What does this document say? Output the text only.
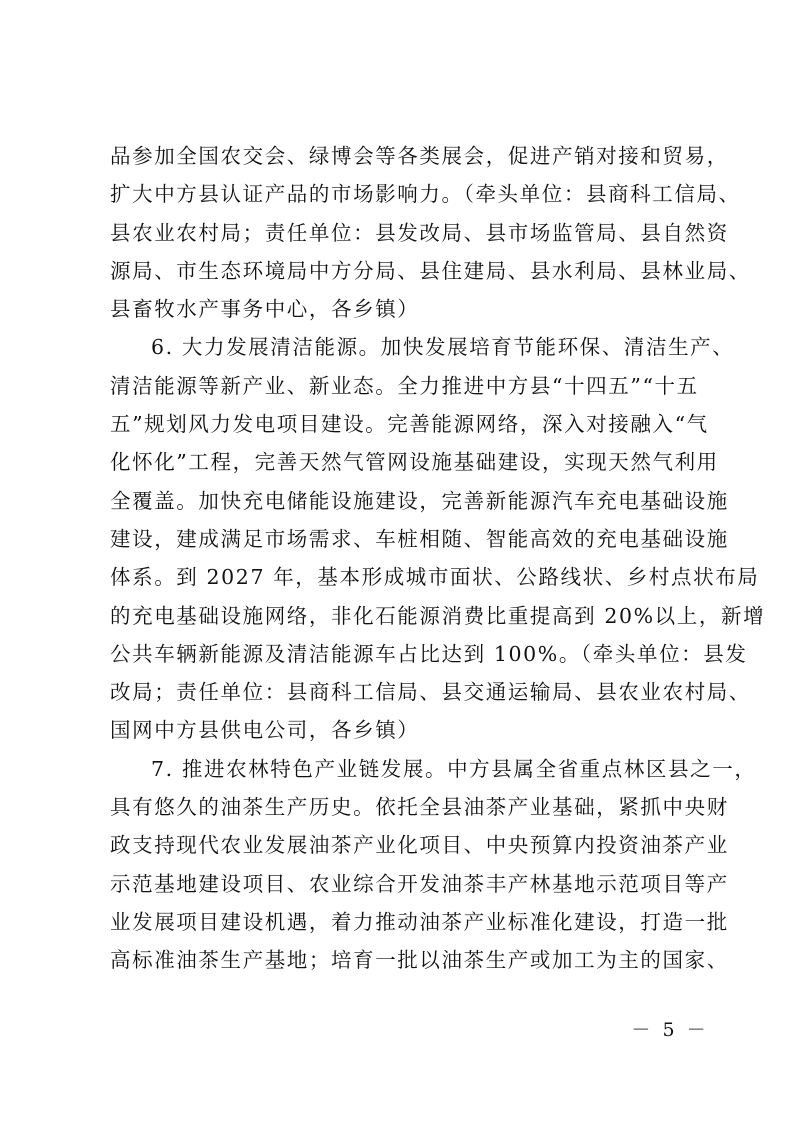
品参加全国农交会、绿博会等各类展会，促进产销对接和贸易，
扩大中方县认证产品的市场影响力。（牵头单位：县商科工信局、
县农业农村局；责任单位：县发改局、县市场监管局、县自然资
源局、市生态环境局中方分局、县住建局、县水利局、县林业局、
县畜牧水产事务中心，各乡镇）
6. 大力发展清洁能源。加快发展培育节能环保、清洁生产、
清洁能源等新产业、新业态。全力推进中方县“十四五”“十五
五”规划风力发电项目建设。完善能源网络，深入对接融入“气
化怀化”工程，完善天然气管网设施基础建设，实现天然气利用
全覆盖。加快充电储能设施建设，完善新能源汽车充电基础设施
建设，建成满足市场需求、车桩相随、智能高效的充电基础设施
体系。到 2027 年，基本形成城市面状、公路线状、乡村点状布局
的充电基础设施网络，非化石能源消费比重提高到 20%以上，新增
公共车辆新能源及清洁能源车占比达到 100%。（牵头单位：县发
改局；责任单位：县商科工信局、县交通运输局、县农业农村局、
国网中方县供电公司，各乡镇）
7. 推进农林特色产业链发展。中方县属全省重点林区县之一，
具有悠久的油茶生产历史。依托全县油茶产业基础，紧抓中央财
政支持现代农业发展油茶产业化项目、中央预算内投资油茶产业
示范基地建设项目、农业综合开发油茶丰产林基地示范项目等产
业发展项目建设机遇，着力推动油茶产业标准化建设，打造一批
高标准油茶生产基地；培育一批以油茶生产或加工为主的国家、
－ 5 －
